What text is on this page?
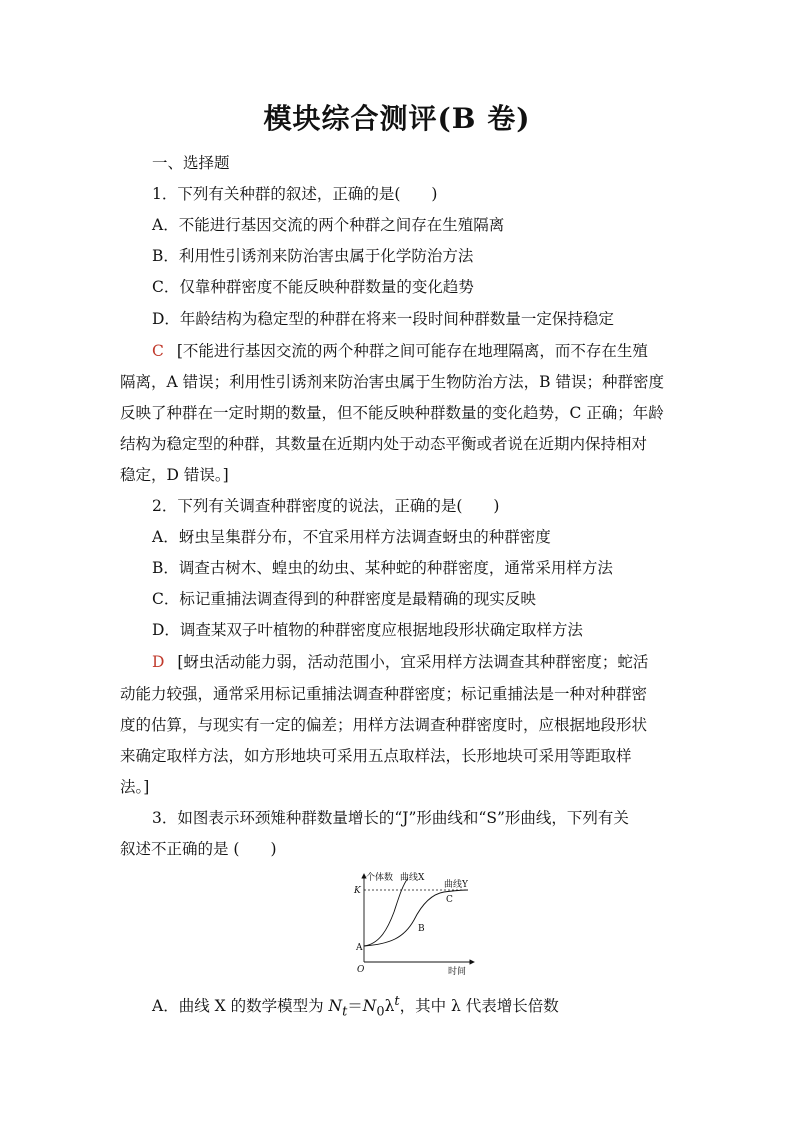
模块综合测评(B 卷)
一、选择题
1．下列有关种群的叙述，正确的是(　　)
A．不能进行基因交流的两个种群之间存在生殖隔离
B．利用性引诱剂来防治害虫属于化学防治方法
C．仅靠种群密度不能反映种群数量的变化趋势
D．年龄结构为稳定型的种群在将来一段时间种群数量一定保持稳定
C [不能进行基因交流的两个种群之间可能存在地理隔离，而不存在生殖
隔离，A 错误；利用性引诱剂来防治害虫属于生物防治方法，B 错误；种群密度
反映了种群在一定时期的数量，但不能反映种群数量的变化趋势，C 正确；年龄
结构为稳定型的种群，其数量在近期内处于动态平衡或者说在近期内保持相对
稳定，D 错误。]
2．下列有关调查种群密度的说法，正确的是(　　)
A．蚜虫呈集群分布，不宜采用样方法调查蚜虫的种群密度
B．调查古树木、蝗虫的幼虫、某种蛇的种群密度，通常采用样方法
C．标记重捕法调查得到的种群密度是最精确的现实反映
D．调查某双子叶植物的种群密度应根据地段形状确定取样方法
D [蚜虫活动能力弱，活动范围小，宜采用样方法调查其种群密度；蛇活
动能力较强，通常采用标记重捕法调查种群密度；标记重捕法是一种对种群密
度的估算，与现实有一定的偏差；用样方法调查种群密度时，应根据地段形状
来确定取样方法，如方形地块可采用五点取样法，长形地块可采用等距取样
法。]
3．如图表示环颈雉种群数量增长的“J”形曲线和“S”形曲线，下列有关
叙述不正确的是 (　　)
个体数 曲线X
曲线Y
K
A
B
C
O	时间
A．曲线 X 的数学模型为 $N_t=N_0\lambda^t$，其中 λ 代表增长倍数
